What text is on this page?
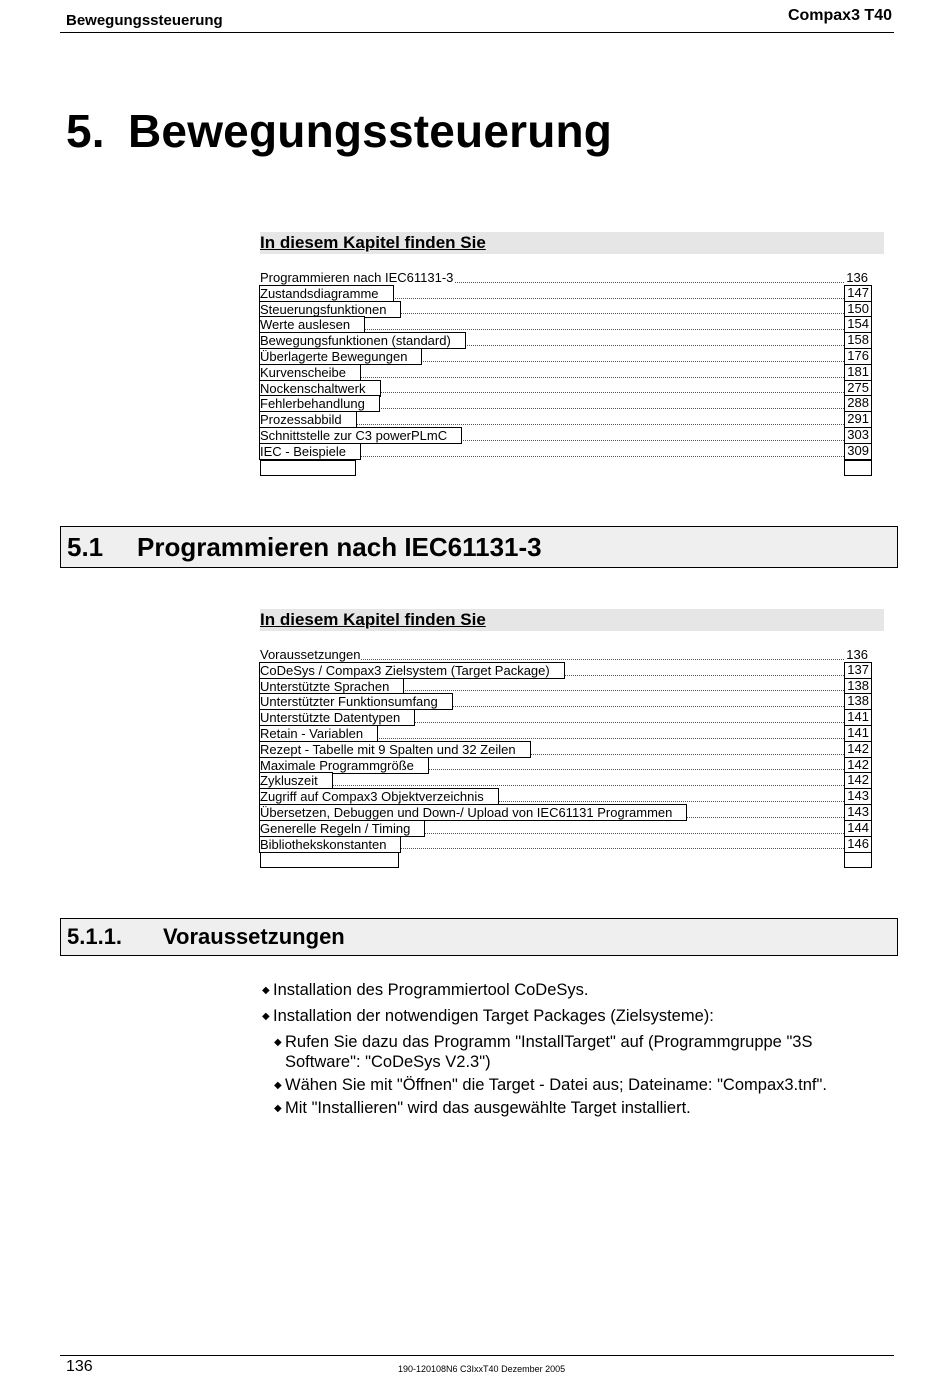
Bewegungssteuerung	Compax3 T40
5. Bewegungssteuerung
In diesem Kapitel finden Sie
Programmieren nach IEC61131-3	136
Zustandsdiagramme	147
Steuerungsfunktionen	150
Werte auslesen	154
Bewegungsfunktionen (standard)	158
Überlagerte Bewegungen	176
Kurvenscheibe	181
Nockenschaltwerk	275
Fehlerbehandlung	288
Prozessabbild	291
Schnittstelle zur C3 powerPLmC	303
IEC - Beispiele	309
5.1 Programmieren nach IEC61131-3
In diesem Kapitel finden Sie
Voraussetzungen	136
CoDeSys / Compax3 Zielsystem (Target Package)	137
Unterstützte Sprachen	138
Unterstützter Funktionsumfang	138
Unterstützte Datentypen	141
Retain - Variablen	141
Rezept - Tabelle mit 9 Spalten und 32 Zeilen	142
Maximale Programmgröße	142
Zykluszeit	142
Zugriff auf Compax3 Objektverzeichnis	143
Übersetzen, Debuggen und Down-/ Upload von IEC61131 Programmen	143
Generelle Regeln / Timing	144
Bibliothekskonstanten	146
5.1.1. Voraussetzungen
◆ Installation des Programmiertool CoDeSys.
◆ Installation der notwendigen Target Packages (Zielsysteme):
◆ Rufen Sie dazu das Programm "InstallTarget" auf (Programmgruppe "3S Software": "CoDeSys V2.3")
◆ Wähen Sie mit "Öffnen" die Target - Datei aus; Dateiname: "Compax3.tnf".
◆ Mit "Installieren" wird das ausgewählte Target installiert.
136	190-120108N6 C3IxxT40 Dezember 2005
